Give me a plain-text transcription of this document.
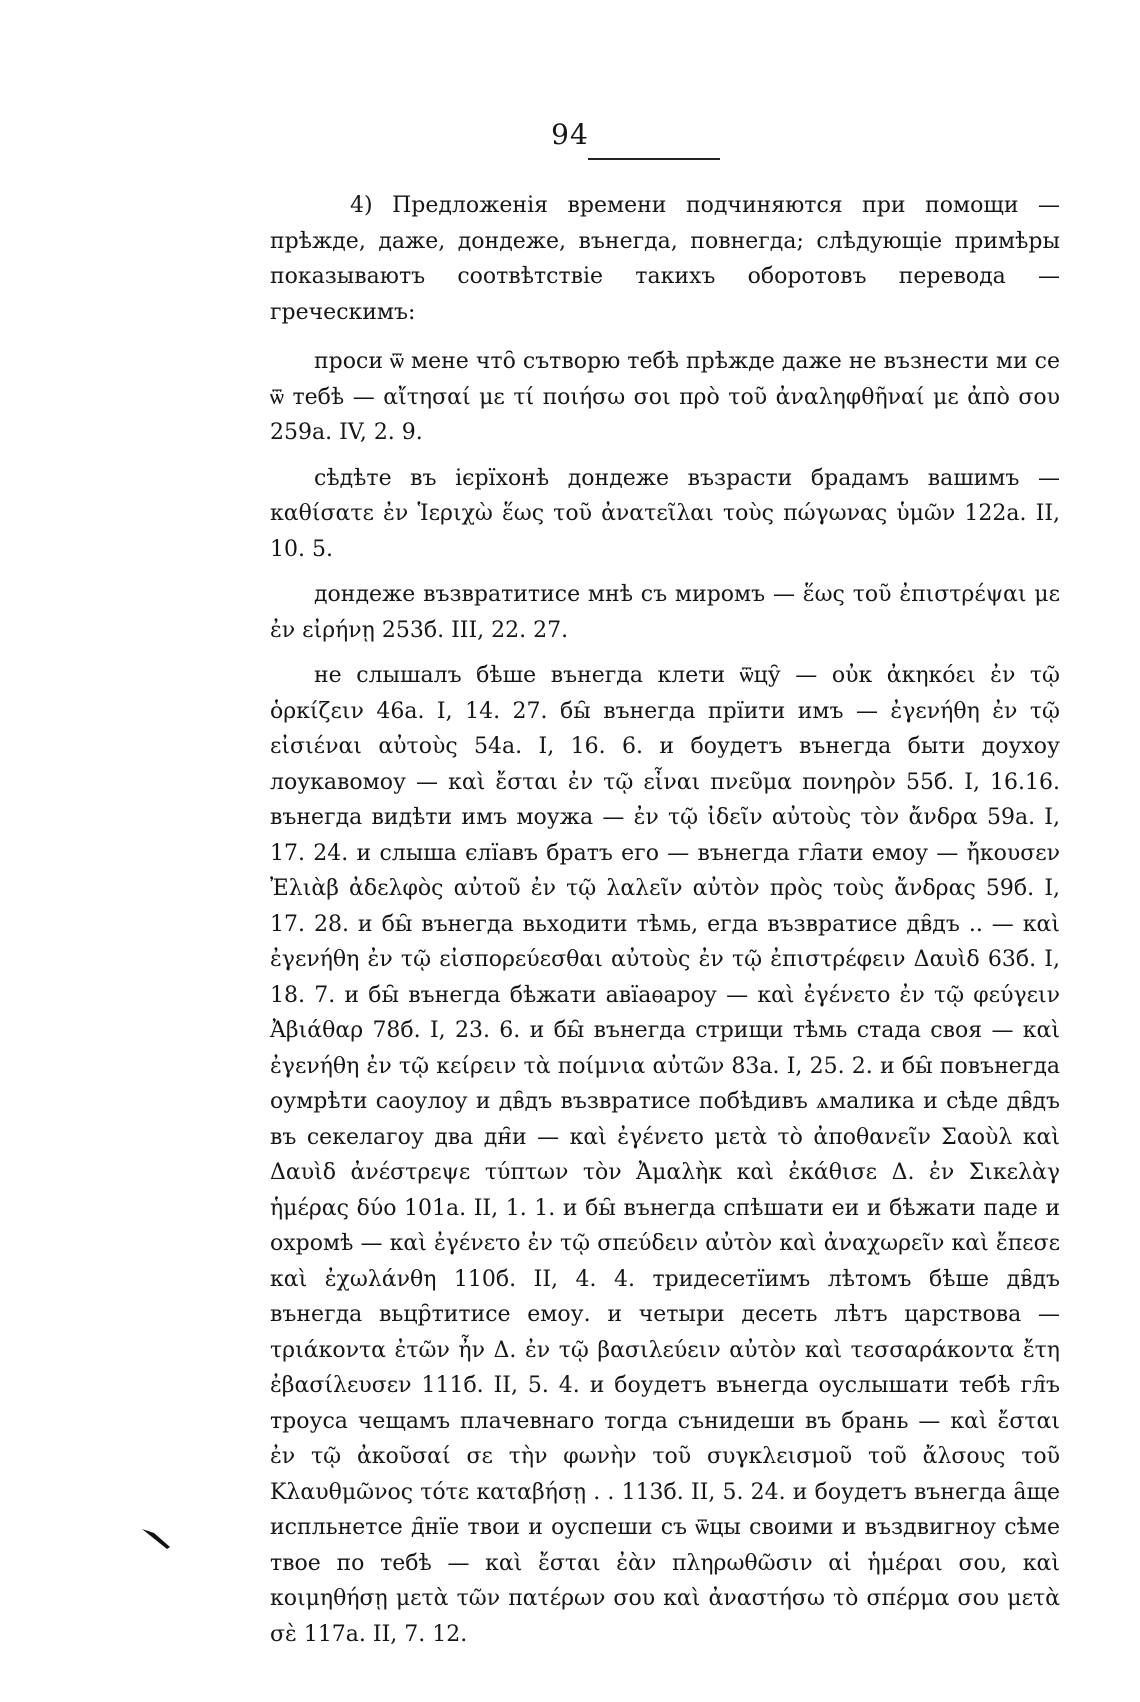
94

4) Предложенія времени подчиняются при помощи — прѣжде, даже, дондеже, вънегда, повнегда; слѣдующіе примѣры показываютъ соотвѣтствіе такихъ оборотовъ перевода — греческимъ:

проси ѿ мене что̑ сътворю тебѣ прѣжде даже не възнести ми се ѿ тебѣ — αἴτησαί με τί ποιήσω σοι πρὸ τοῦ ἀναληφθῆναί με ἀπὸ σου 259а. IV, 2. 9.

сѣдѣте въ ієрїхонѣ дондеже възрасти брадамъ вашимъ — καθίσατε ἐν Ἱεριχὼ ἕως τοῦ ἀνατεῖλαι τοὺς πώγωνας ὑμῶν 122а. II, 10. 5.

дондеже възвратитисе мнѣ съ миромъ — ἕως τοῦ ἐπιστρέψαι με ἐν εἰρήνῃ 253б. III, 22. 27.

не слышалъ бѣше вънегда клети ѿцу̑ — οὐκ ἀκηκόει ἐν τῷ ὁρκίζειν 46а. I, 14. 27. бы̑ вънегда прїити имъ — ἐγενήθη ἐν τῷ εἰσιέναι αὐτοὺς 54а. I, 16. 6. и боудетъ вънегда быти доухоу лоукавомоу — καὶ ἔσται ἐν τῷ εἶναι πνεῦμα πονηρὸν 55б. I, 16.16. вънегда видѣти имъ моужа — ἐν τῷ ἰδεῖν αὐτοὺς τὸν ἄνδρα 59а. I, 17. 24. и слыша єлїавъ братъ его — вънегда гл̑ати емоу — ἤκουσεν Ἐλιὰβ ἀδελφὸς αὐτοῦ ἐν τῷ λαλεῖν αὐτὸν πρὸς τοὺς ἄνδρας 59б. I, 17. 28. и бы̑ вънегда вьходити тѣмь, егда възвратисе дв̑дъ .. — καὶ ἐγενήθη ἐν τῷ εἰσπορεύεσθαι αὐτοὺς ἐν τῷ ἐπιστρέφειν Δαυὶδ 63б. I, 18. 7. и бы̑ вънегда бѣжати авїаѳароу — καὶ ἐγένετο ἐν τῷ φεύγειν Ἀβιάθαρ 78б. I, 23. 6. и бы̑ вънегда стрищи тѣмь стада своя — καὶ ἐγενήθη ἐν τῷ κείρειν τὰ ποίμνια αὐτῶν 83а. I, 25. 2. и бы̑ повънегда оумрѣти саоулоу и дв̑дъ възвратисе побѣдивъ ѧмалика и сѣде дв̑дъ въ секелагоу два дн̑и — καὶ ἐγένετο μετὰ τὸ ἀποθανεῖν Σαοὺλ καὶ Δαυὶδ ἀνέστρεψε τύπτων τὸν Ἀμαλὴκ καὶ ἐκάθισε Δ. ἐν Σικελὰγ ἡμέρας δύο 101а. II, 1. 1. и бы̑ вънегда спѣшати еи и бѣжати паде и охромѣ — καὶ ἐγένετο ἐν τῷ σπεύδειν αὐτὸν καὶ ἀναχωρεῖν καὶ ἔπεσε καὶ ἐχωλάνθη 110б. II, 4. 4. тридесетїимъ лѣтомъ бѣше дв̑дъ вънегда вьцр̑титисе емоу. и четыри десеть лѣтъ царствова — τριάκοντα ἐτῶν ἦν Δ. ἐν τῷ βασιλεύειν αὐτὸν καὶ τεσσαράκοντα ἔτη ἐβασίλευσεν 111б. II, 5. 4. и боудетъ вънегда оуслышати тебѣ гл̑ъ троуса чещамъ плачевнаго тогда сънидеши въ брань — καὶ ἔσται ἐν τῷ ἀκοῦσαί σε τὴν φωνὴν τοῦ συγκλεισμοῦ τοῦ ἄλσους τοῦ Κλαυθμῶνος τότε καταβήσῃ . . 113б. II, 5. 24. и боудетъ вънегда а̑ще испльнетсе д̑нїе твои и оуспеши съ ѿцы своими и въздвигноу сѣме твое по тебѣ — καὶ ἔσται ἐὰν πληρωθῶσιν αἱ ἡμέραι σου, καὶ κοιμηθήσῃ μετὰ τῶν πατέρων σου καὶ ἀναστήσω τὸ σπέρμα σου μετὰ σὲ 117а. II, 7. 12.
